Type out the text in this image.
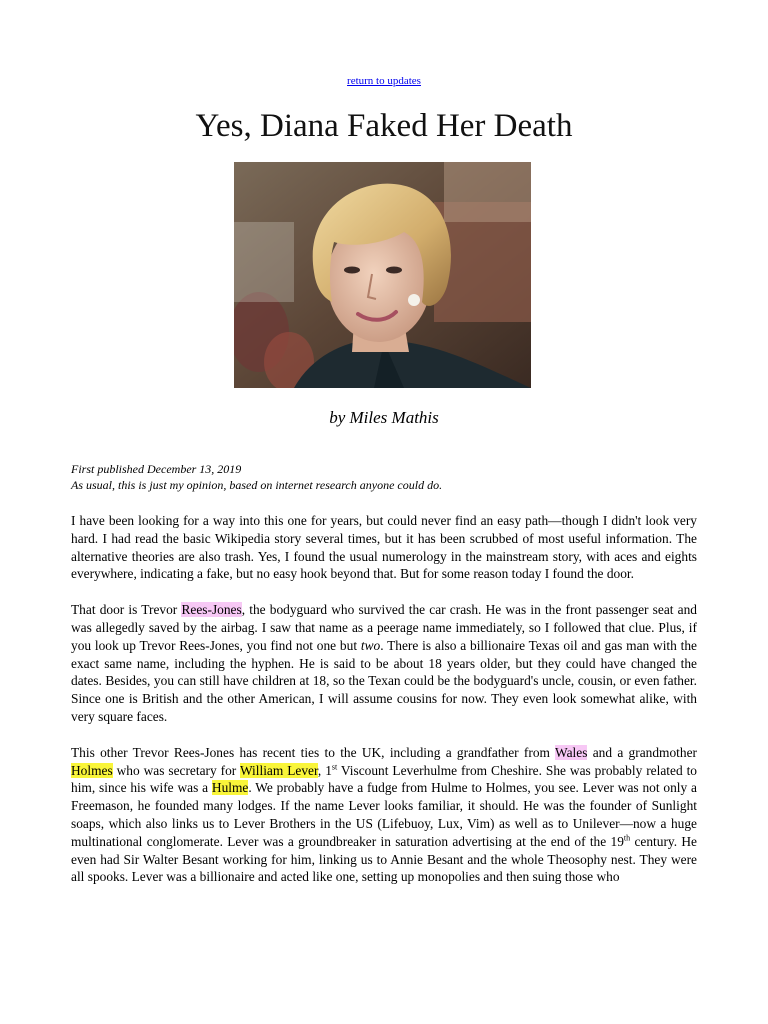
return to updates
Yes, Diana Faked Her Death
by Miles Mathis
First published December 13, 2019
As usual, this is just my opinion, based on internet research anyone could do.

I have been looking for a way into this one for years, but could never find an easy path—though I didn't look very hard. I had read the basic Wikipedia story several times, but it has been scrubbed of most useful information. The alternative theories are also trash. Yes, I found the usual numerology in the mainstream story, with aces and eights everywhere, indicating a fake, but no easy hook beyond that. But for some reason today I found the door.

That door is Trevor Rees-Jones, the bodyguard who survived the car crash. He was in the front passenger seat and was allegedly saved by the airbag. I saw that name as a peerage name immediately, so I followed that clue. Plus, if you look up Trevor Rees-Jones, you find not one but two. There is also a billionaire Texas oil and gas man with the exact same name, including the hyphen. He is said to be about 18 years older, but they could have changed the dates. Besides, you can still have children at 18, so the Texan could be the bodyguard's uncle, cousin, or even father. Since one is British and the other American, I will assume cousins for now. They even look somewhat alike, with very square faces.

This other Trevor Rees-Jones has recent ties to the UK, including a grandfather from Wales and a grandmother Holmes who was secretary for William Lever, 1st Viscount Leverhulme from Cheshire. She was probably related to him, since his wife was a Hulme. We probably have a fudge from Hulme to Holmes, you see. Lever was not only a Freemason, he founded many lodges. If the name Lever looks familiar, it should. He was the founder of Sunlight soaps, which also links us to Lever Brothers in the US (Lifebuoy, Lux, Vim) as well as to Unilever—now a huge multinational conglomerate. Lever was a groundbreaker in saturation advertising at the end of the 19th century. He even had Sir Walter Besant working for him, linking us to Annie Besant and the whole Theosophy nest. They were all spooks. Lever was a billionaire and acted like one, setting up monopolies and then suing those who
